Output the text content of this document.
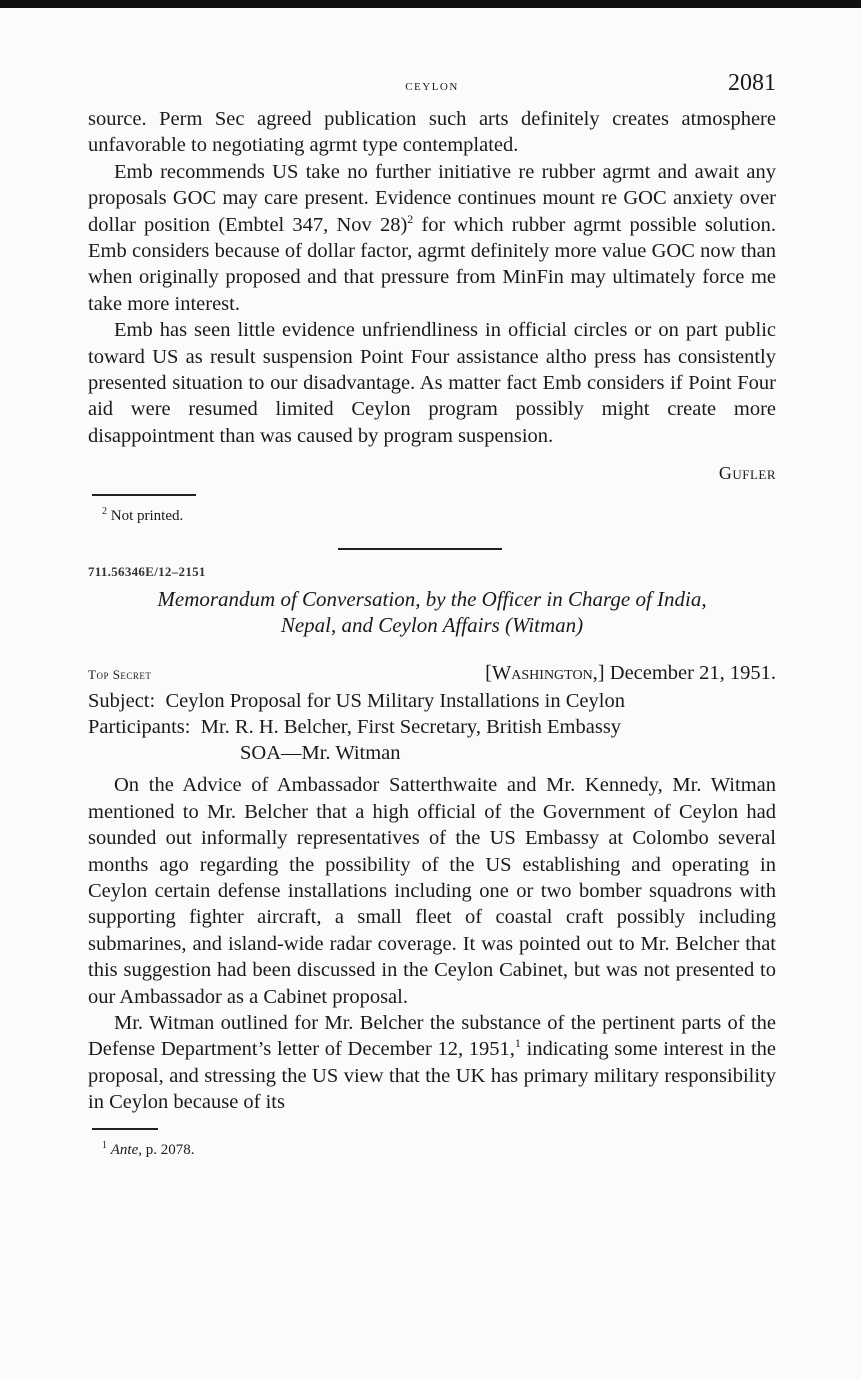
ceylon	2081

source. Perm Sec agreed publication such arts definitely creates atmosphere unfavorable to negotiating agrmt type contemplated.

Emb recommends US take no further initiative re rubber agrmt and await any proposals GOC may care present. Evidence continues mount re GOC anxiety over dollar position (Embtel 347, Nov 28)$^2$ for which rubber agrmt possible solution. Emb considers because of dollar factor, agrmt definitely more value GOC now than when originally proposed and that pressure from MinFin may ultimately force me take more interest.

Emb has seen little evidence unfriendliness in official circles or on part public toward US as result suspension Point Four assistance altho press has consistently presented situation to our disadvantage. As matter fact Emb considers if Point Four aid were resumed limited Ceylon program possibly might create more disappointment than was caused by program suspension.

Gufler
$^2$ Not printed.
711.56346E/12–2151
Memorandum of Conversation, by the Officer in Charge of India,
Nepal, and Ceylon Affairs (Witman)
Top Secret	[Washington,] December 21, 1951.
Subject:
Ceylon Proposal for US Military Installations in Ceylon
Participants:
Mr. R. H. Belcher, First Secretary, British Embassy
SOA—Mr. Witman

On the Advice of Ambassador Satterthwaite and Mr. Kennedy, Mr. Witman mentioned to Mr. Belcher that a high official of the Government of Ceylon had sounded out informally representatives of the US Embassy at Colombo several months ago regarding the possibility of the US establishing and operating in Ceylon certain defense installations including one or two bomber squadrons with supporting fighter aircraft, a small fleet of coastal craft possibly including submarines, and island-wide radar coverage. It was pointed out to Mr. Belcher that this suggestion had been discussed in the Ceylon Cabinet, but was not presented to our Ambassador as a Cabinet proposal.

Mr. Witman outlined for Mr. Belcher the substance of the pertinent parts of the Defense Department’s letter of December 12, 1951,$^1$ indicating some interest in the proposal, and stressing the US view that the UK has primary military responsibility in Ceylon because of its

$^1$ Ante, p. 2078.
